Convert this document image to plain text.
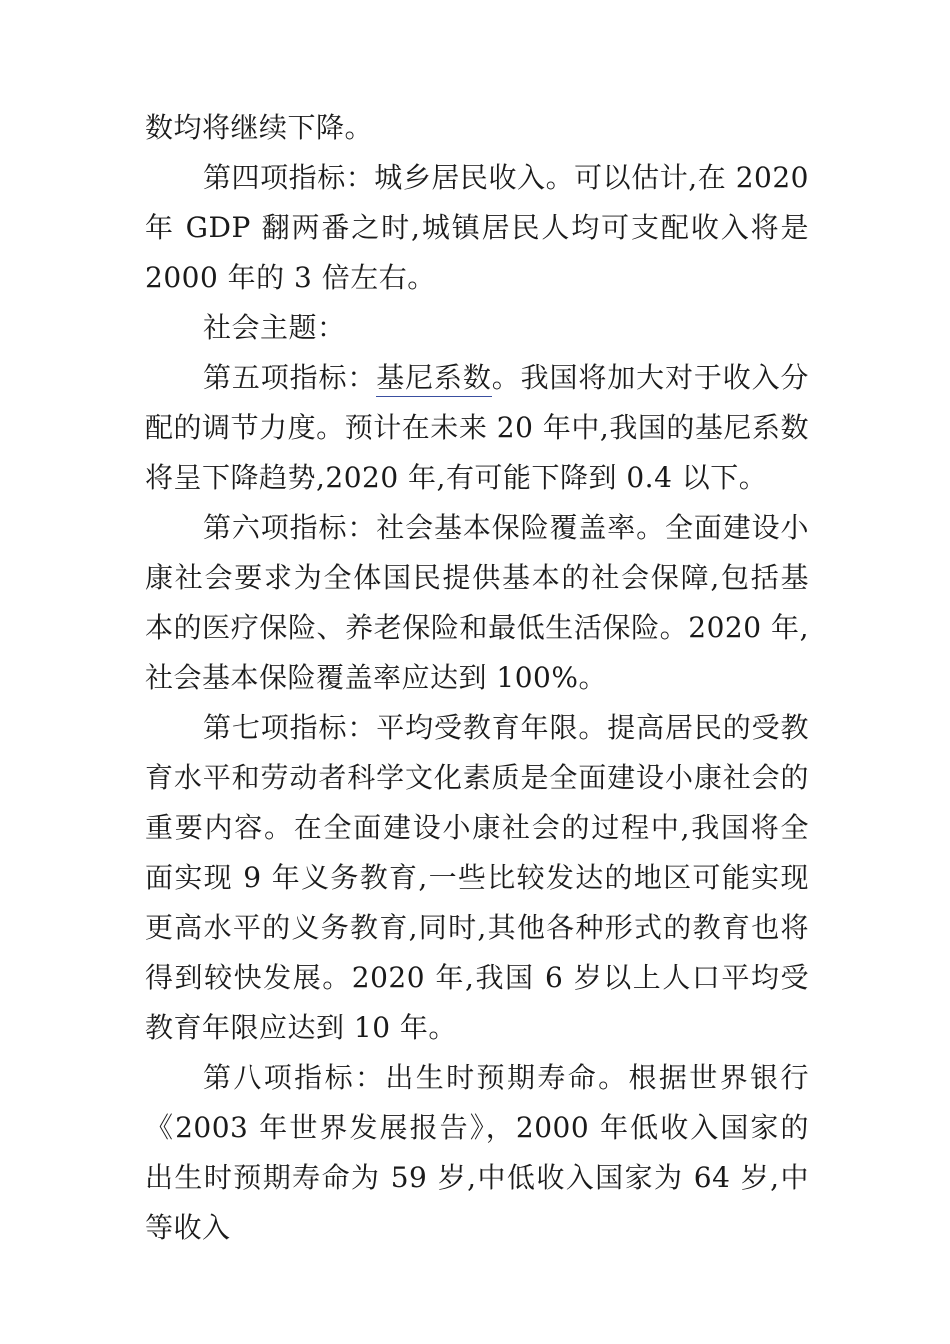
数均将继续下降。

第四项指标：城乡居民收入。可以估计,在 2020 年 GDP 翻两番之时,城镇居民人均可支配收入将是 2000 年的 3 倍左右。

社会主题：

第五项指标：基尼系数。我国将加大对于收入分配的调节力度。预计在未来 20 年中,我国的基尼系数将呈下降趋势,2020 年,有可能下降到 0.4 以下。

第六项指标：社会基本保险覆盖率。全面建设小康社会要求为全体国民提供基本的社会保障,包括基本的医疗保险、养老保险和最低生活保险。2020 年,社会基本保险覆盖率应达到 100%。

第七项指标：平均受教育年限。提高居民的受教育水平和劳动者科学文化素质是全面建设小康社会的重要内容。在全面建设小康社会的过程中,我国将全面实现 9 年义务教育,一些比较发达的地区可能实现更高水平的义务教育,同时,其他各种形式的教育也将得到较快发展。2020 年,我国 6 岁以上人口平均受教育年限应达到 10 年。

第八项指标：出生时预期寿命。根据世界银行《2003 年世界发展报告》，2000 年低收入国家的出生时预期寿命为 59 岁,中低收入国家为 64 岁,中等收入
